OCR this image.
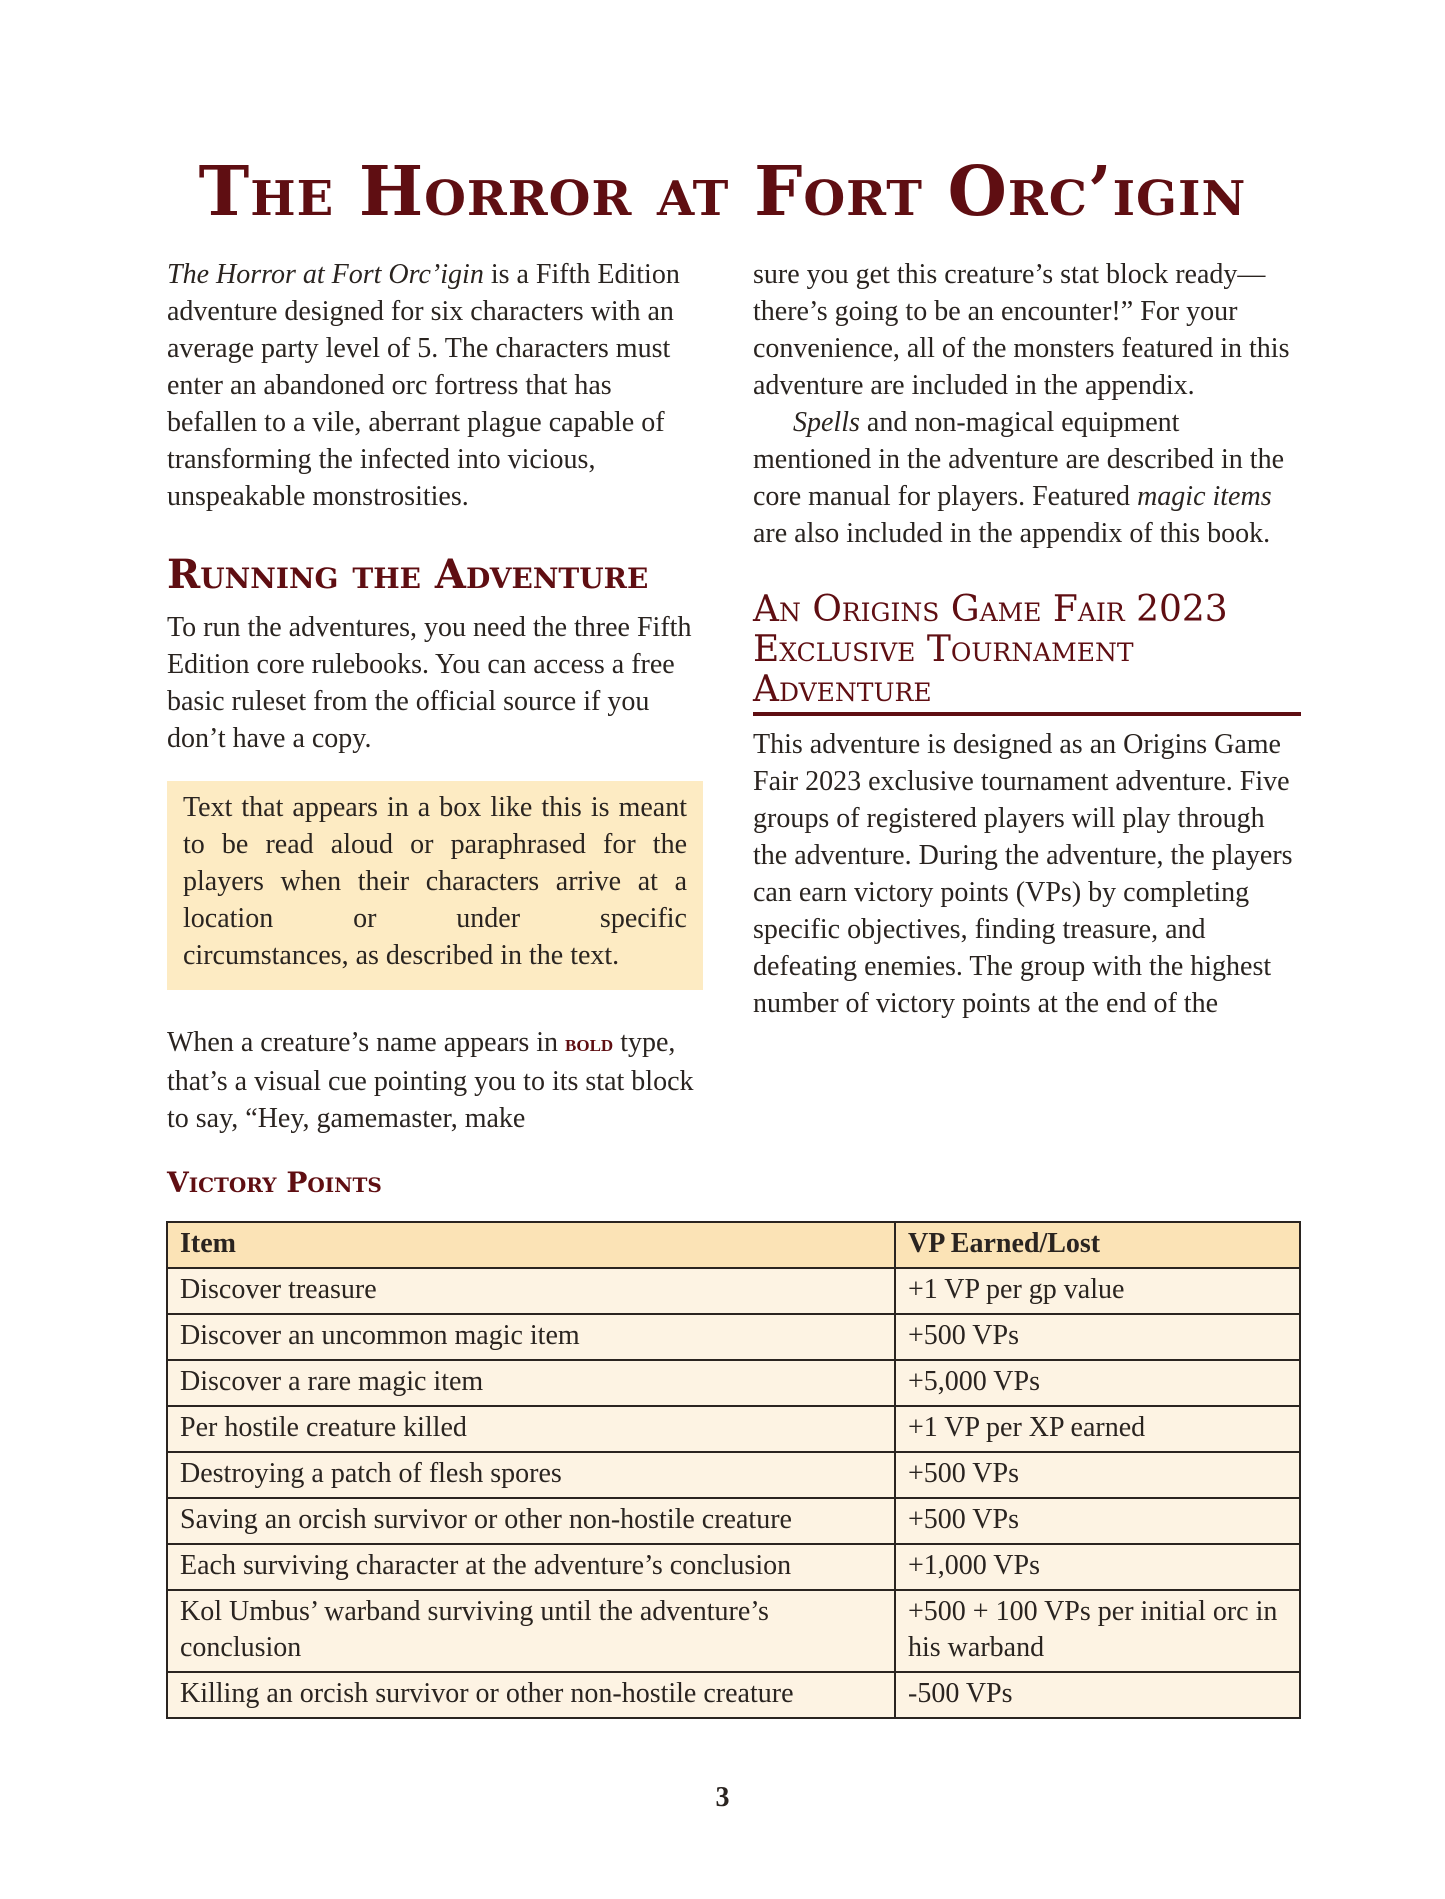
The Horror at Fort Orc’igin

The Horror at Fort Orc’igin is a Fifth Edition adventure designed for six characters with an average party level of 5. The characters must enter an abandoned orc fortress that has befallen to a vile, aberrant plague capable of transforming the infected into vicious, unspeakable monstrosities.

Running the Adventure

To run the adventures, you need the three Fifth Edition core rulebooks. You can access a free basic ruleset from the official source if you don’t have a copy.

Text that appears in a box like this is meant to be read aloud or paraphrased for the players when their characters arrive at a location or under specific
circumstances, as described in the text.

When a creature’s name appears in bold type, that’s a visual cue pointing you to its stat block to say, “Hey, gamemaster, make

sure you get this creature’s stat block ready—there’s going to be an encounter!” For your convenience, all of the monsters featured in this adventure are included in the appendix.

Spells and non-magical equipment mentioned in the adventure are described in the core manual for players. Featured magic items are also included in the appendix of this book.

An Origins Game Fair 2023 Exclusive Tournament Adventure

This adventure is designed as an Origins Game Fair 2023 exclusive tournament adventure. Five groups of registered players will play through the adventure. During the adventure, the players can earn victory points (VPs) by completing specific objectives, finding treasure, and defeating enemies. The group with the highest number of victory points at the end of the

Victory Points
Item	VP Earned/Lost
Discover treasure	+1 VP per gp value
Discover an uncommon magic item	+500 VPs
Discover a rare magic item	+5,000 VPs
Per hostile creature killed	+1 VP per XP earned
Destroying a patch of flesh spores	+500 VPs
Saving an orcish survivor or other non-hostile creature	+500 VPs
Each surviving character at the adventure’s conclusion	+1,000 VPs
Kol Umbus’ warband surviving until the adventure’s conclusion	+500 + 100 VPs per initial orc in his warband
Killing an orcish survivor or other non-hostile creature	-500 VPs
3
